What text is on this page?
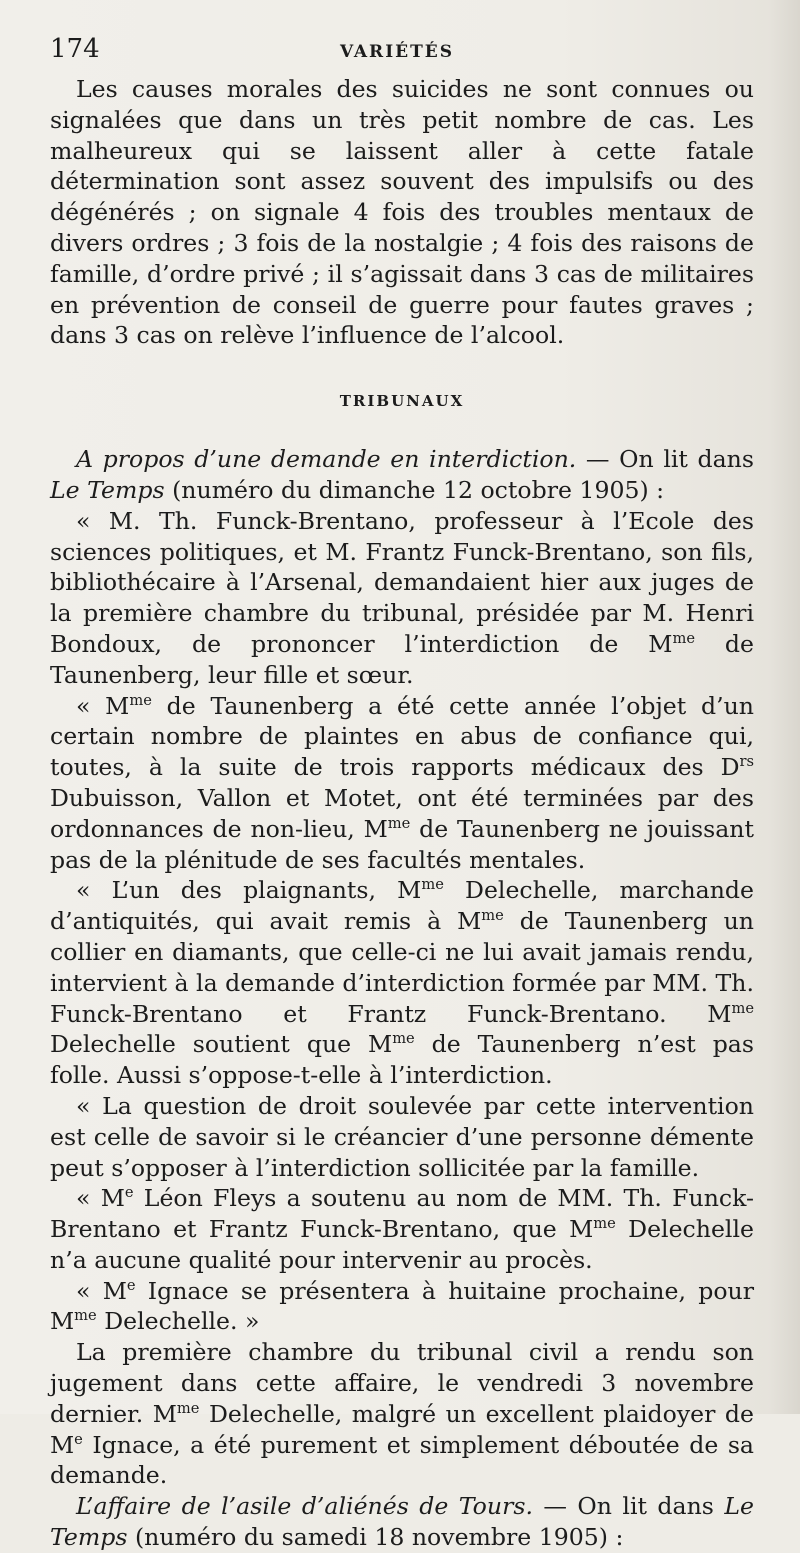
174	VARIÉTÉS

Les causes morales des suicides ne sont connues ou signalées que dans un très petit nombre de cas. Les malheureux qui se laissent aller à cette fatale détermination sont assez souvent des impulsifs ou des dégénérés ; on signale 4 fois des troubles mentaux de divers ordres ; 3 fois de la nostalgie ; 4 fois des raisons de famille, d’ordre privé ; il s’agissait dans 3 cas de militaires en prévention de conseil de guerre pour fautes graves ; dans 3 cas on relève l’influence de l’alcool.

TRIBUNAUX

A propos d’une demande en interdiction. — On lit dans Le Temps (numéro du dimanche 12 octobre 1905) :

« M. Th. Funck-Brentano, professeur à l’Ecole des sciences politiques, et M. Frantz Funck-Brentano, son fils, bibliothécaire à l’Arsenal, demandaient hier aux juges de la première chambre du tribunal, présidée par M. Henri Bondoux, de prononcer l’interdiction de $M^{me}$ de Taunenberg, leur fille et sœur.

« $M^{me}$ de Taunenberg a été cette année l’objet d’un certain nombre de plaintes en abus de confiance qui, toutes, à la suite de trois rapports médicaux des $D^{rs}$ Dubuisson, Vallon et Motet, ont été terminées par des ordonnances de non-lieu, $M^{me}$ de Taunenberg ne jouissant pas de la plénitude de ses facultés mentales.

« L’un des plaignants, $M^{me}$ Delechelle, marchande d’antiquités, qui avait remis à $M^{me}$ de Taunenberg un collier en diamants, que celle-ci ne lui avait jamais rendu, intervient à la demande d’interdiction formée par MM. Th. Funck-Brentano et Frantz Funck-Brentano. $M^{me}$ Delechelle soutient que $M^{me}$ de Taunenberg n’est pas folle. Aussi s’oppose-t-elle à l’interdiction.

« La question de droit soulevée par cette intervention est celle de savoir si le créancier d’une personne démente peut s’opposer à l’interdiction sollicitée par la famille.

« Me Léon Fleys a soutenu au nom de MM. Th. Funck-Brentano et Frantz Funck-Brentano, que $M^{me}$ Delechelle n’a aucune qualité pour intervenir au procès.

« Me Ignace se présentera à huitaine prochaine, pour $M^{me}$ Delechelle. »

La première chambre du tribunal civil a rendu son jugement dans cette affaire, le vendredi 3 novembre dernier. $M^{me}$ Delechelle, malgré un excellent plaidoyer de Me Ignace, a été purement et simplement déboutée de sa demande.

L’affaire de l’asile d’aliénés de Tours. — On lit dans Le Temps (numéro du samedi 18 novembre 1905) :
